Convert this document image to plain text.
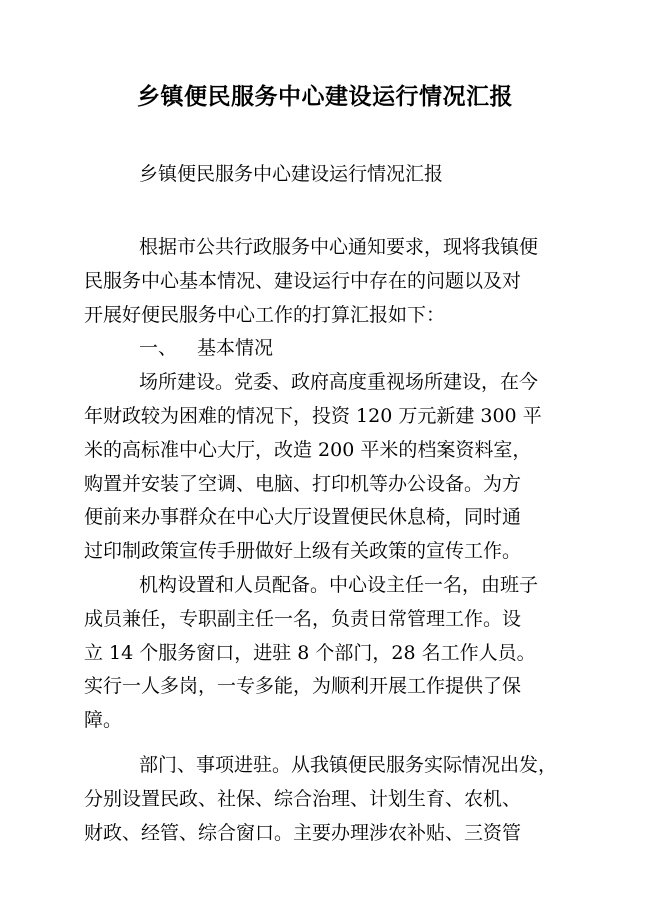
乡镇便民服务中心建设运行情况汇报
乡镇便民服务中心建设运行情况汇报
根据市公共行政服务中心通知要求，现将我镇便
民服务中心基本情况、建设运行中存在的问题以及对
开展好便民服务中心工作的打算汇报如下：
一、	基本情况
场所建设。党委、政府高度重视场所建设，在今
年财政较为困难的情况下，投资 120 万元新建 300 平
米的高标准中心大厅，改造 200 平米的档案资料室，
购置并安装了空调、电脑、打印机等办公设备。为方
便前来办事群众在中心大厅设置便民休息椅，同时通
过印制政策宣传手册做好上级有关政策的宣传工作。
机构设置和人员配备。中心设主任一名，由班子
成员兼任，专职副主任一名，负责日常管理工作。设
立 14 个服务窗口，进驻 8 个部门，28 名工作人员。
实行一人多岗，一专多能，为顺利开展工作提供了保
障。
部门、事项进驻。从我镇便民服务实际情况出发，
分别设置民政、社保、综合治理、计划生育、农机、
财政、经管、综合窗口。主要办理涉农补贴、三资管
